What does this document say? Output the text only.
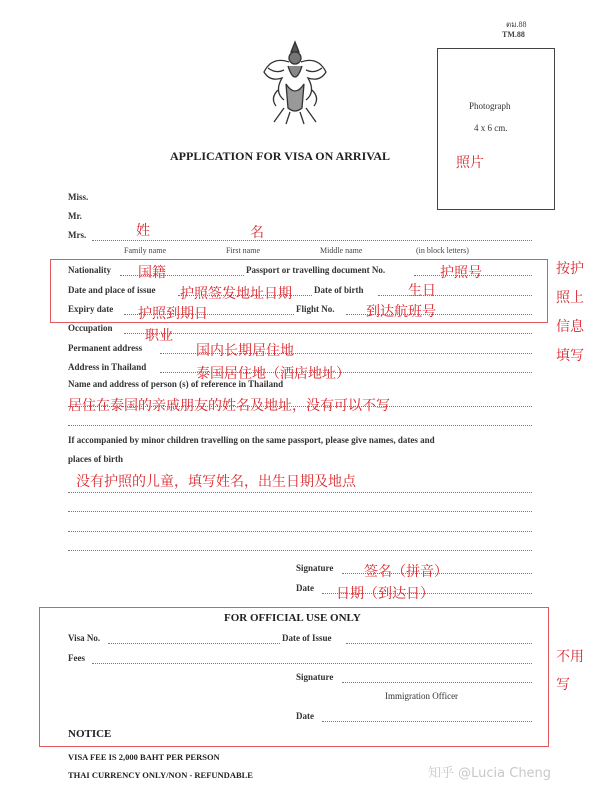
ตม.88
TM.88
Photograph
4 x 6 cm.
照片
APPLICATION FOR VISA ON ARRIVAL
Miss.
Mr.
Mrs.	姓	名
Family name	First name	Middle name	(in block letters)
Nationality 国籍	Passport or travelling document No.	护照号
Date and place of issue 护照签发地址日期 Date of birth	生日
Expiry date 护照到期日	Flight No. 到达航班号
按护
照上
信息
填写
Occupation 职业
Permanent address	国内长期居住地
Address in Thailand	泰国居住地（酒店地址）
Name and address of person (s) of reference in Thailand
居住在泰国的亲戚朋友的姓名及地址，没有可以不写
If accompanied by minor children travelling on the same passport, please give names, dates and
places of birth
没有护照的儿童，填写姓名，出生日期及地点
Signature 签名（拼音）
Date 日期（到达日）
FOR OFFICIAL USE ONLY
Visa No.	Date of Issue
Fees
Signature
Immigration Officer
Date
不用
写
NOTICE
VISA FEE IS 2,000 BAHT PER PERSON
THAI CURRENCY ONLY/NON - REFUNDABLE	知乎 @Lucia Cheng
